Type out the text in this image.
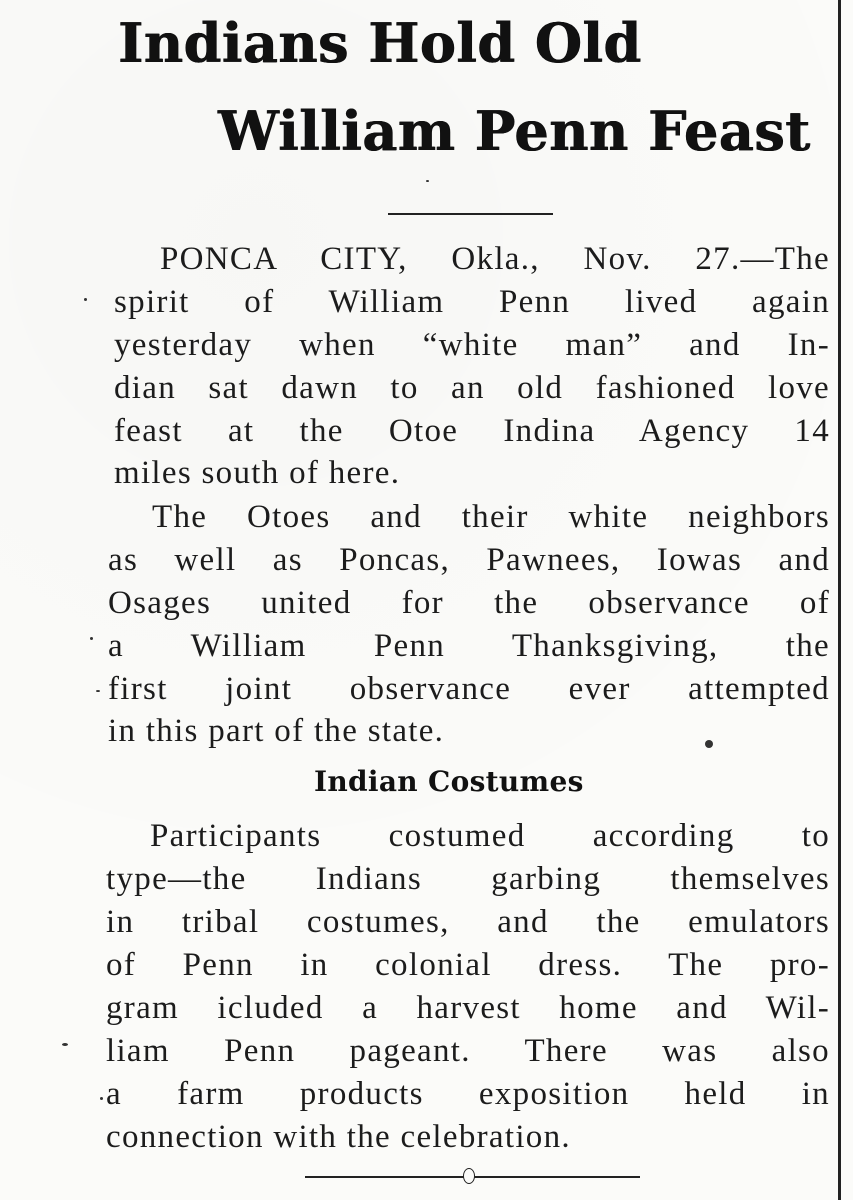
Indians Hold Old
William Penn Feast

PONCA CITY, Okla., Nov. 27.—The

spirit of William Penn lived again

yesterday when “white man” and In-

dian sat dawn to an old fashioned love

feast at the Otoe Indina Agency 14

miles south of here.

The Otoes and their white neighbors

as well as Poncas, Pawnees, Iowas and

Osages united for the observance of

a William Penn Thanksgiving, the

first joint observance ever attempted

in this part of the state.

Indian Costumes

Participants costumed according to

type—the Indians garbing themselves

in tribal costumes, and the emulators

of Penn in colonial dress. The pro-

gram icluded a harvest home and Wil-

liam Penn pageant. There was also

a farm products exposition held in

connection with the celebration.
